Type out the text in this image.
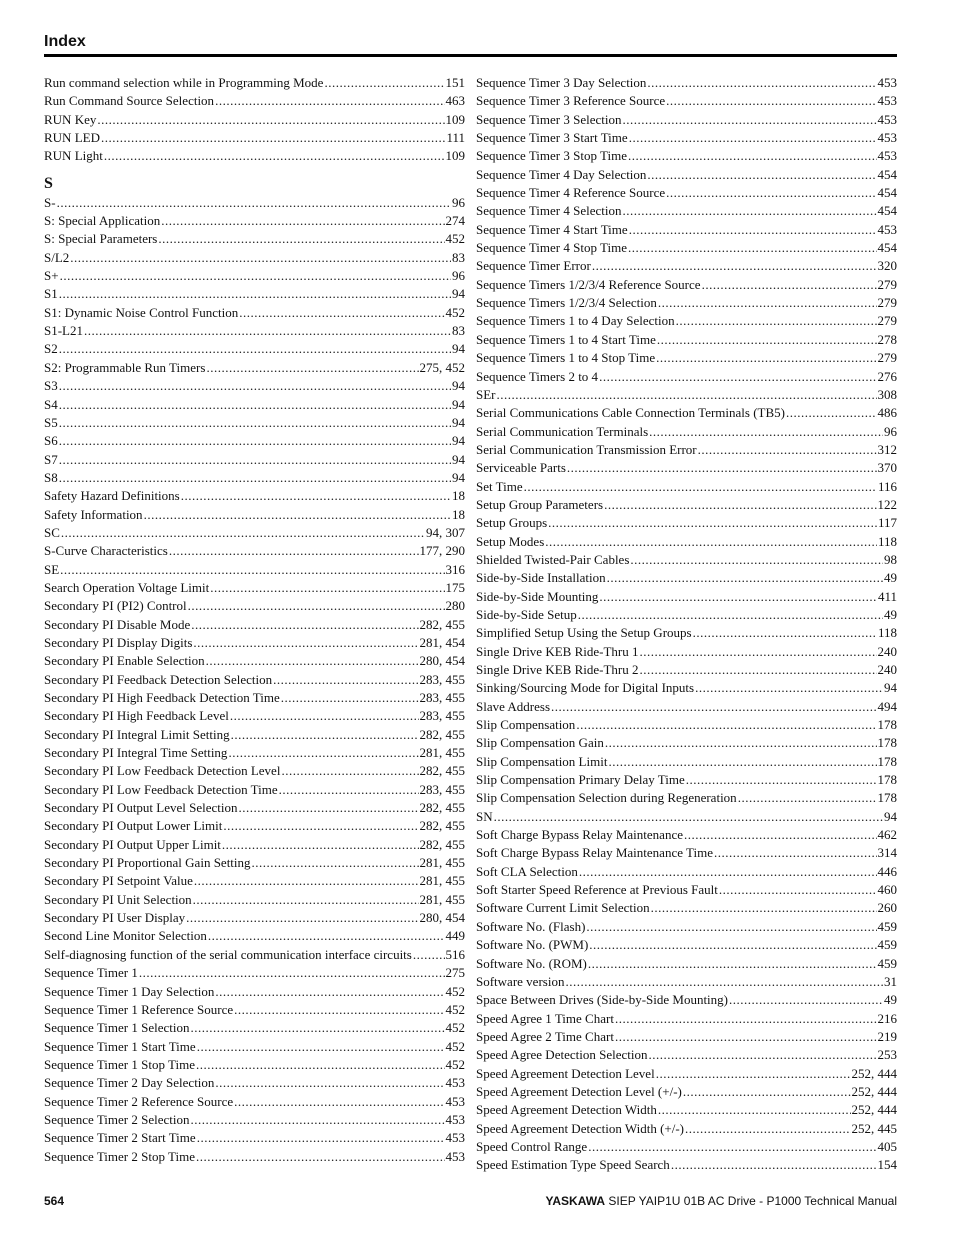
Index
Run command selection while in Programming Mode .....	151
Run Command Source Selection .....	463
RUN Key .....	109
RUN LED .....	111
RUN Light .....	109
S
S- .....	96
S: Special Application .....	274
S: Special Parameters .....	452
S/L2 .....	83
S+ .....	96
S1 .....	94
S1: Dynamic Noise Control Function .....	452
S1-L21 .....	83
S2 .....	94
S2: Programmable Run Timers .....	275, 452
S3 .....	94
S4 .....	94
S5 .....	94
S6 .....	94
S7 .....	94
S8 .....	94
Safety Hazard Definitions .....	18
Safety Information .....	18
SC .....	94, 307
S-Curve Characteristics .....	177, 290
SE .....	316
Search Operation Voltage Limit .....	175
Secondary PI (PI2) Control .....	280
Secondary PI Disable Mode .....	282, 455
Secondary PI Display Digits .....	281, 454
Secondary PI Enable Selection .....	280, 454
Secondary PI Feedback Detection Selection .....	283, 455
Secondary PI High Feedback Detection Time .....	283, 455
Secondary PI High Feedback Level .....	283, 455
Secondary PI Integral Limit Setting .....	282, 455
Secondary PI Integral Time Setting .....	281, 455
Secondary PI Low Feedback Detection Level .....	282, 455
Secondary PI Low Feedback Detection Time .....	283, 455
Secondary PI Output Level Selection .....	282, 455
Secondary PI Output Lower Limit .....	282, 455
Secondary PI Output Upper Limit .....	282, 455
Secondary PI Proportional Gain Setting .....	281, 455
Secondary PI Setpoint Value .....	281, 455
Secondary PI Unit Selection .....	281, 455
Secondary PI User Display .....	280, 454
Second Line Monitor Selection .....	449
Self-diagnosing function of the serial communication interface circuits .....	516
Sequence Timer 1 .....	275
Sequence Timer 1 Day Selection .....	452
Sequence Timer 1 Reference Source .....	452
Sequence Timer 1 Selection .....	452
Sequence Timer 1 Start Time .....	452
Sequence Timer 1 Stop Time .....	452
Sequence Timer 2 Day Selection .....	453
Sequence Timer 2 Reference Source .....	453
Sequence Timer 2 Selection .....	453
Sequence Timer 2 Start Time .....	453
Sequence Timer 2 Stop Time .....	453
Sequence Timer 3 Day Selection .....	453
Sequence Timer 3 Reference Source .....	453
Sequence Timer 3 Selection .....	453
Sequence Timer 3 Start Time .....	453
Sequence Timer 3 Stop Time .....	453
Sequence Timer 4 Day Selection .....	454
Sequence Timer 4 Reference Source .....	454
Sequence Timer 4 Selection .....	454
Sequence Timer 4 Start Time .....	453
Sequence Timer 4 Stop Time .....	454
Sequence Timer Error .....	320
Sequence Timers 1/2/3/4 Reference Source .....	279
Sequence Timers 1/2/3/4 Selection .....	279
Sequence Timers 1 to 4 Day Selection .....	279
Sequence Timers 1 to 4 Start Time .....	278
Sequence Timers 1 to 4 Stop Time .....	279
Sequence Timers 2 to 4 .....	276
SEr .....	308
Serial Communications Cable Connection Terminals (TB5) .....	486
Serial Communication Terminals .....	96
Serial Communication Transmission Error .....	312
Serviceable Parts .....	370
Set Time .....	116
Setup Group Parameters .....	122
Setup Groups .....	117
Setup Modes .....	118
Shielded Twisted-Pair Cables .....	98
Side-by-Side Installation .....	49
Side-by-Side Mounting .....	411
Side-by-Side Setup .....	49
Simplified Setup Using the Setup Groups .....	118
Single Drive KEB Ride-Thru 1 .....	240
Single Drive KEB Ride-Thru 2 .....	240
Sinking/Sourcing Mode for Digital Inputs .....	94
Slave Address .....	494
Slip Compensation .....	178
Slip Compensation Gain .....	178
Slip Compensation Limit .....	178
Slip Compensation Primary Delay Time .....	178
Slip Compensation Selection during Regeneration .....	178
SN .....	94
Soft Charge Bypass Relay Maintenance .....	462
Soft Charge Bypass Relay Maintenance Time .....	314
Soft CLA Selection .....	446
Soft Starter Speed Reference at Previous Fault .....	460
Software Current Limit Selection .....	260
Software No. (Flash) .....	459
Software No. (PWM) .....	459
Software No. (ROM) .....	459
Software version .....	31
Space Between Drives (Side-by-Side Mounting) .....	49
Speed Agree 1 Time Chart .....	216
Speed Agree 2 Time Chart .....	219
Speed Agree Detection Selection .....	253
Speed Agreement Detection Level .....	252, 444
Speed Agreement Detection Level (+/-) .....	252, 444
Speed Agreement Detection Width .....	252, 444
Speed Agreement Detection Width (+/-) .....	252, 445
Speed Control Range .....	405
Speed Estimation Type Speed Search .....	154
564	YASKAWA SIEP YAIP1U 01B AC Drive - P1000 Technical Manual
